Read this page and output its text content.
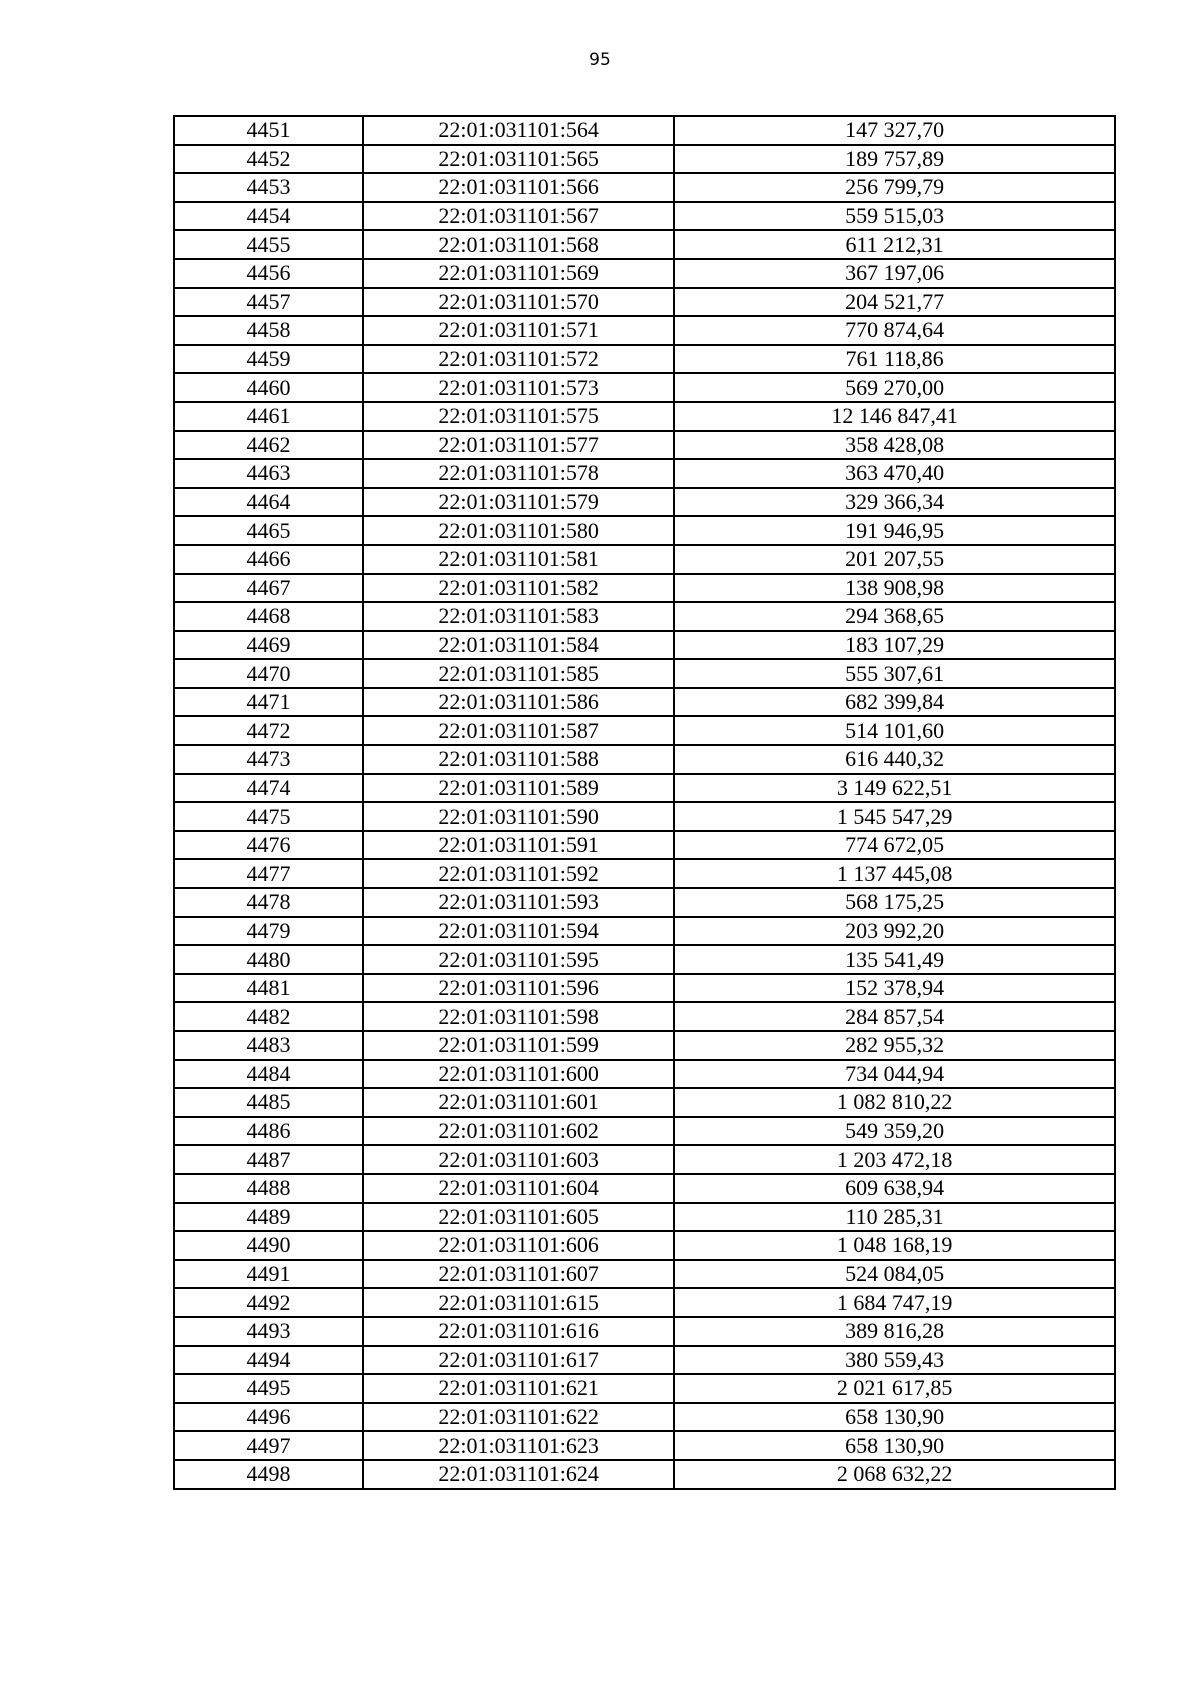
95
4451	22:01:031101:564	147 327,70
4452	22:01:031101:565	189 757,89
4453	22:01:031101:566	256 799,79
4454	22:01:031101:567	559 515,03
4455	22:01:031101:568	611 212,31
4456	22:01:031101:569	367 197,06
4457	22:01:031101:570	204 521,77
4458	22:01:031101:571	770 874,64
4459	22:01:031101:572	761 118,86
4460	22:01:031101:573	569 270,00
4461	22:01:031101:575	12 146 847,41
4462	22:01:031101:577	358 428,08
4463	22:01:031101:578	363 470,40
4464	22:01:031101:579	329 366,34
4465	22:01:031101:580	191 946,95
4466	22:01:031101:581	201 207,55
4467	22:01:031101:582	138 908,98
4468	22:01:031101:583	294 368,65
4469	22:01:031101:584	183 107,29
4470	22:01:031101:585	555 307,61
4471	22:01:031101:586	682 399,84
4472	22:01:031101:587	514 101,60
4473	22:01:031101:588	616 440,32
4474	22:01:031101:589	3 149 622,51
4475	22:01:031101:590	1 545 547,29
4476	22:01:031101:591	774 672,05
4477	22:01:031101:592	1 137 445,08
4478	22:01:031101:593	568 175,25
4479	22:01:031101:594	203 992,20
4480	22:01:031101:595	135 541,49
4481	22:01:031101:596	152 378,94
4482	22:01:031101:598	284 857,54
4483	22:01:031101:599	282 955,32
4484	22:01:031101:600	734 044,94
4485	22:01:031101:601	1 082 810,22
4486	22:01:031101:602	549 359,20
4487	22:01:031101:603	1 203 472,18
4488	22:01:031101:604	609 638,94
4489	22:01:031101:605	110 285,31
4490	22:01:031101:606	1 048 168,19
4491	22:01:031101:607	524 084,05
4492	22:01:031101:615	1 684 747,19
4493	22:01:031101:616	389 816,28
4494	22:01:031101:617	380 559,43
4495	22:01:031101:621	2 021 617,85
4496	22:01:031101:622	658 130,90
4497	22:01:031101:623	658 130,90
4498	22:01:031101:624	2 068 632,22
